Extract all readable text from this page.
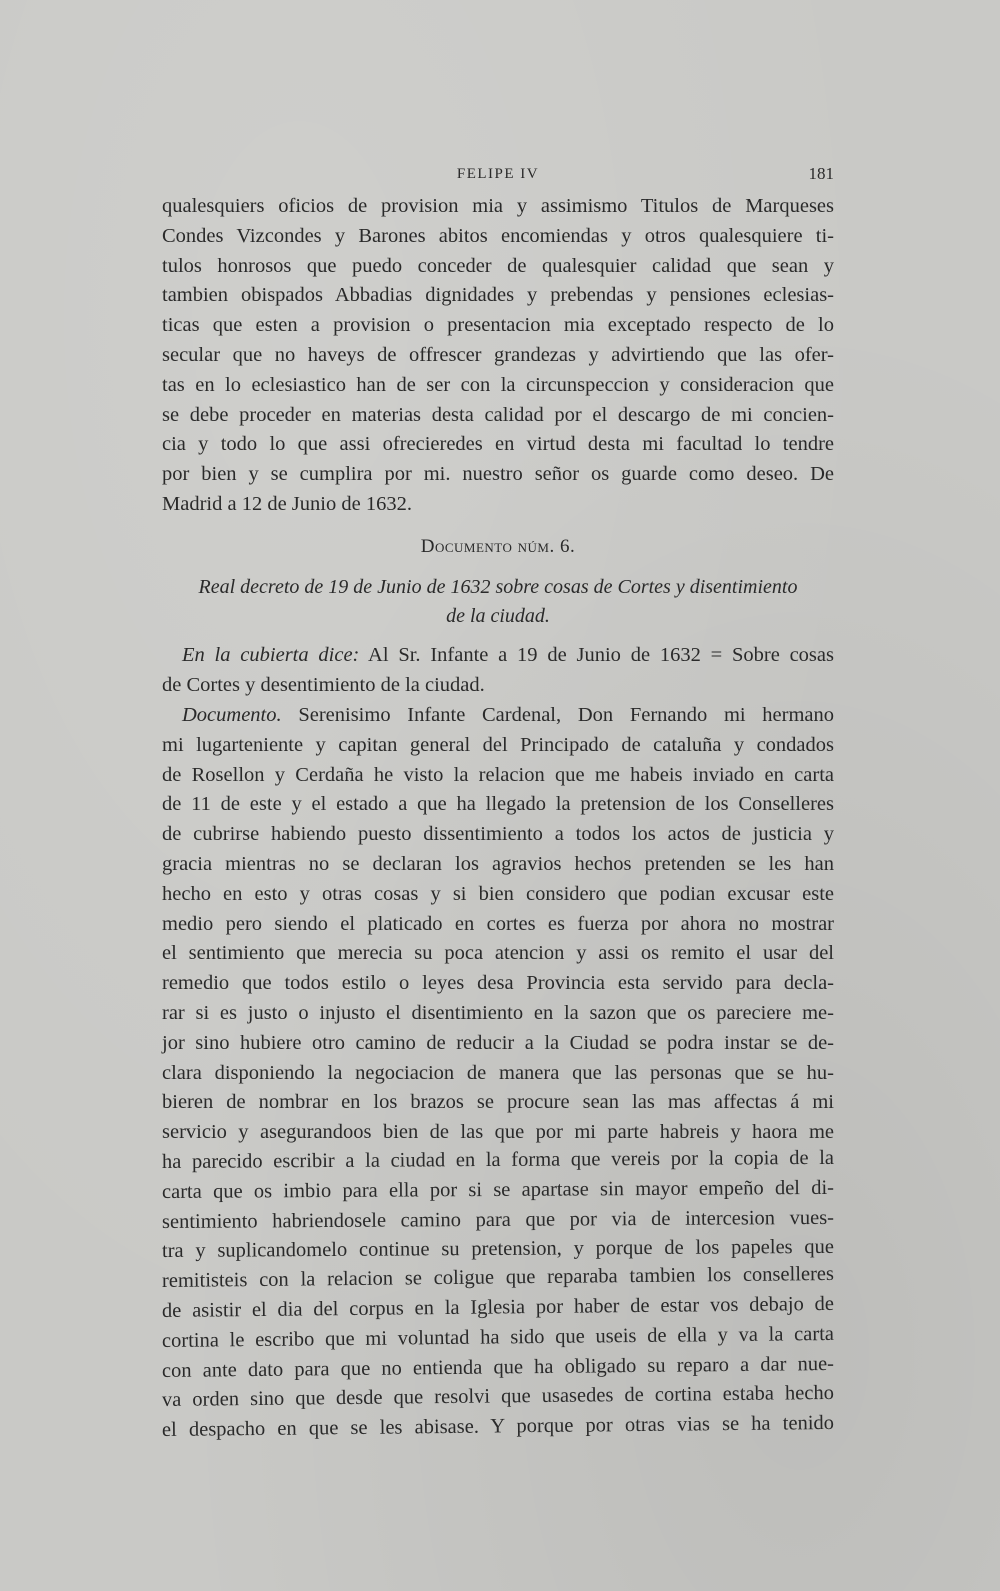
FELIPE IV	181
qualesquiers oficios de provision mia y assimismo Titulos de Marqueses
Condes Vizcondes y Barones abitos encomiendas y otros qualesquiere ti-
tulos honrosos que puedo conceder de qualesquier calidad que sean y
tambien obispados Abbadias dignidades y prebendas y pensiones eclesias-
ticas que esten a provision o presentacion mia exceptado respecto de lo
secular que no haveys de offrescer grandezas y advirtiendo que las ofer-
tas en lo eclesiastico han de ser con la circunspeccion y consideracion que
se debe proceder en materias desta calidad por el descargo de mi concien-
cia y todo lo que assi ofrecieredes en virtud desta mi facultad lo tendre
por bien y se cumplira por mi. nuestro señor os guarde como deseo. De
Madrid a 12 de Junio de 1632.
Documento núm. 6.
Real decreto de 19 de Junio de 1632 sobre cosas de Cortes y disentimiento
de la ciudad.
En la cubierta dice: Al Sr. Infante a 19 de Junio de 1632 = Sobre cosas
de Cortes y desentimiento de la ciudad.
Documento. Serenisimo Infante Cardenal, Don Fernando mi hermano
mi lugarteniente y capitan general del Principado de cataluña y condados
de Rosellon y Cerdaña he visto la relacion que me habeis inviado en carta
de 11 de este y el estado a que ha llegado la pretension de los Conselleres
de cubrirse habiendo puesto dissentimiento a todos los actos de justicia y
gracia mientras no se declaran los agravios hechos pretenden se les han
hecho en esto y otras cosas y si bien considero que podian excusar este
medio pero siendo el platicado en cortes es fuerza por ahora no mostrar
el sentimiento que merecia su poca atencion y assi os remito el usar del
remedio que todos estilo o leyes desa Provincia esta servido para decla-
rar si es justo o injusto el disentimiento en la sazon que os pareciere me-
jor sino hubiere otro camino de reducir a la Ciudad se podra instar se de-
clara disponiendo la negociacion de manera que las personas que se hu-
bieren de nombrar en los brazos se procure sean las mas affectas á mi
servicio y asegurandoos bien de las que por mi parte habreis y haora me
ha parecido escribir a la ciudad en la forma que vereis por la copia de la
carta que os imbio para ella por si se apartase sin mayor empeño del di-
sentimiento habriendosele camino para que por via de intercesion vues-
tra y suplicandomelo continue su pretension, y porque de los papeles que
remitisteis con la relacion se coligue que reparaba tambien los conselleres
de asistir el dia del corpus en la Iglesia por haber de estar vos debajo de
cortina le escribo que mi voluntad ha sido que useis de ella y va la carta
con ante dato para que no entienda que ha obligado su reparo a dar nue-
va orden sino que desde que resolvi que usasedes de cortina estaba hecho
el despacho en que se les abisase. Y porque por otras vias se ha tenido
